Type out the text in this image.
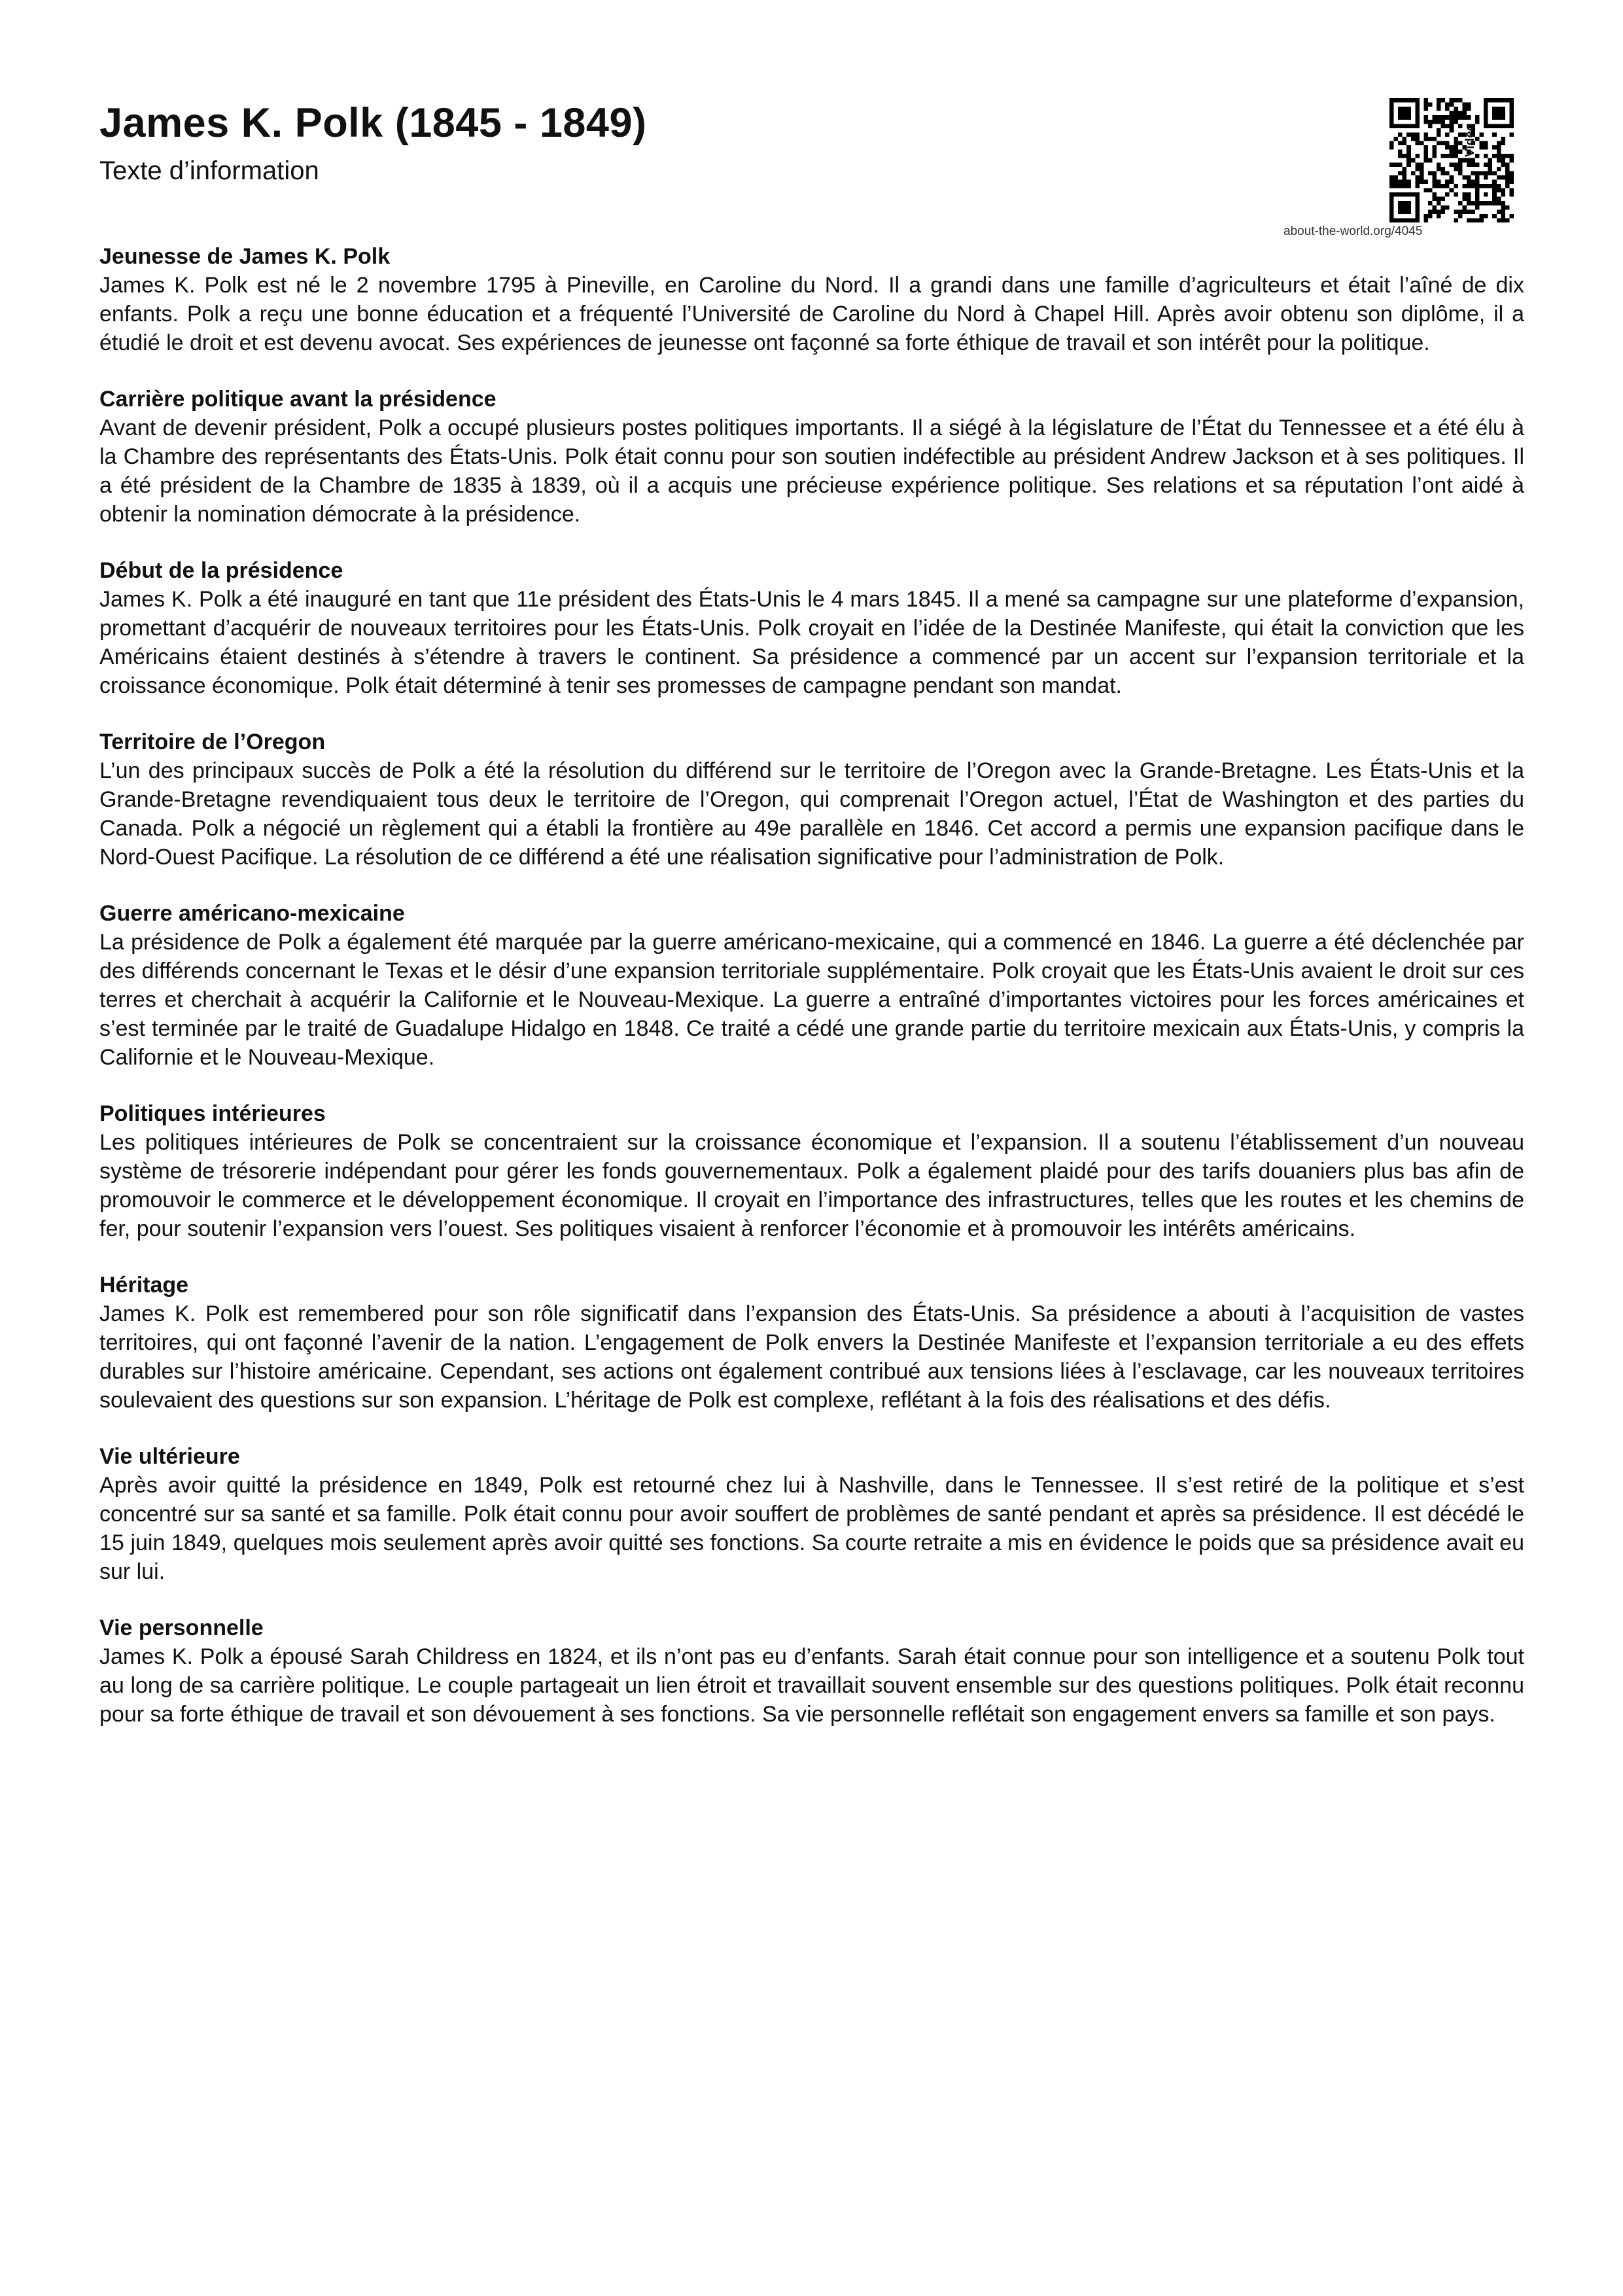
James K. Polk (1845 - 1849)
Texte d’information
about-the-world.org/4045
Vidéo
Jeunesse de James K. Polk

James K. Polk est né le 2 novembre 1795 à Pineville, en Caroline du Nord. Il a grandi dans une famille d’agriculteurs et était l’aîné de dix enfants. Polk a reçu une bonne éducation et a fréquenté l’Université de Caroline du Nord à Chapel Hill. Après avoir obtenu son diplôme, il a étudié le droit et est devenu avocat. Ses expériences de jeunesse ont façonné sa forte éthique de travail et son intérêt pour la politique.

Carrière politique avant la présidence

Avant de devenir président, Polk a occupé plusieurs postes politiques importants. Il a siégé à la législature de l’État du Tennessee et a été élu à la Chambre des représentants des États-Unis. Polk était connu pour son soutien indéfectible au président Andrew Jackson et à ses politiques. Il a été président de la Chambre de 1835 à 1839, où il a acquis une précieuse expérience politique. Ses relations et sa réputation l’ont aidé à obtenir la nomination démocrate à la présidence.

Début de la présidence

James K. Polk a été inauguré en tant que 11e président des États-Unis le 4 mars 1845. Il a mené sa campagne sur une plateforme d’expansion, promettant d’acquérir de nouveaux territoires pour les États-Unis. Polk croyait en l’idée de la Destinée Manifeste, qui était la conviction que les Américains étaient destinés à s’étendre à travers le continent. Sa présidence a commencé par un accent sur l’expansion territoriale et la croissance économique. Polk était déterminé à tenir ses promesses de campagne pendant son mandat.

Territoire de l’Oregon

L’un des principaux succès de Polk a été la résolution du différend sur le territoire de l’Oregon avec la Grande-Bretagne. Les États-Unis et la Grande-Bretagne revendiquaient tous deux le territoire de l’Oregon, qui comprenait l’Oregon actuel, l’État de Washington et des parties du Canada. Polk a négocié un règlement qui a établi la frontière au 49e parallèle en 1846. Cet accord a permis une expansion pacifique dans le Nord-Ouest Pacifique. La résolution de ce différend a été une réalisation significative pour l’administration de Polk.

Guerre américano-mexicaine

La présidence de Polk a également été marquée par la guerre américano-mexicaine, qui a commencé en 1846. La guerre a été déclenchée par des différends concernant le Texas et le désir d’une expansion territoriale supplémentaire. Polk croyait que les États-Unis avaient le droit sur ces terres et cherchait à acquérir la Californie et le Nouveau-Mexique. La guerre a entraîné d’importantes victoires pour les forces américaines et s’est terminée par le traité de Guadalupe Hidalgo en 1848. Ce traité a cédé une grande partie du territoire mexicain aux États-Unis, y compris la Californie et le Nouveau-Mexique.

Politiques intérieures

Les politiques intérieures de Polk se concentraient sur la croissance économique et l’expansion. Il a soutenu l’établissement d’un nouveau système de trésorerie indépendant pour gérer les fonds gouvernementaux. Polk a également plaidé pour des tarifs douaniers plus bas afin de promouvoir le commerce et le développement économique. Il croyait en l’importance des infrastructures, telles que les routes et les chemins de fer, pour soutenir l’expansion vers l’ouest. Ses politiques visaient à renforcer l’économie et à promouvoir les intérêts américains.

Héritage

James K. Polk est remembered pour son rôle significatif dans l’expansion des États-Unis. Sa présidence a abouti à l’acquisition de vastes territoires, qui ont façonné l’avenir de la nation. L’engagement de Polk envers la Destinée Manifeste et l’expansion territoriale a eu des effets durables sur l’histoire américaine. Cependant, ses actions ont également contribué aux tensions liées à l’esclavage, car les nouveaux territoires soulevaient des questions sur son expansion. L’héritage de Polk est complexe, reflétant à la fois des réalisations et des défis.

Vie ultérieure

Après avoir quitté la présidence en 1849, Polk est retourné chez lui à Nashville, dans le Tennessee. Il s’est retiré de la politique et s’est concentré sur sa santé et sa famille. Polk était connu pour avoir souffert de problèmes de santé pendant et après sa présidence. Il est décédé le 15 juin 1849, quelques mois seulement après avoir quitté ses fonctions. Sa courte retraite a mis en évidence le poids que sa présidence avait eu sur lui.

Vie personnelle

James K. Polk a épousé Sarah Childress en 1824, et ils n’ont pas eu d’enfants. Sarah était connue pour son intelligence et a soutenu Polk tout au long de sa carrière politique. Le couple partageait un lien étroit et travaillait souvent ensemble sur des questions politiques. Polk était reconnu pour sa forte éthique de travail et son dévouement à ses fonctions. Sa vie personnelle reflétait son engagement envers sa famille et son pays.
